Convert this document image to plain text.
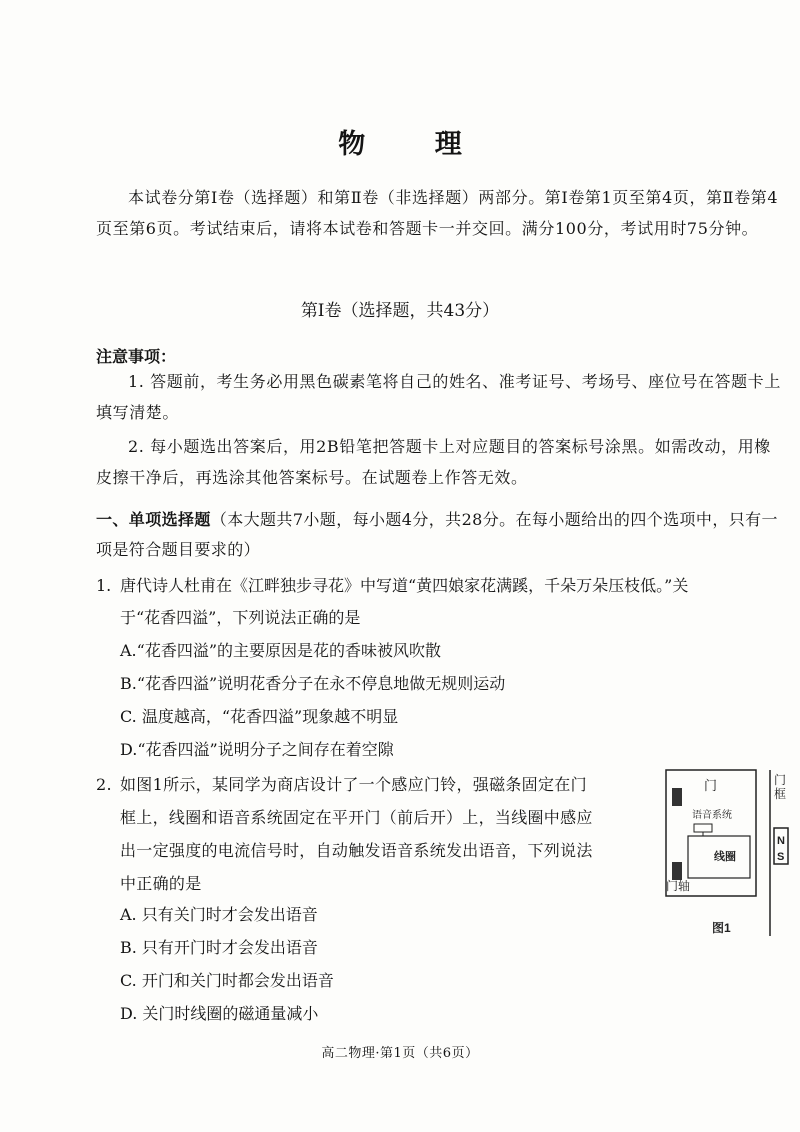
物 理
本试卷分第Ⅰ卷（选择题）和第Ⅱ卷（非选择题）两部分。第Ⅰ卷第1页至第4页，第Ⅱ卷第4页至第6页。考试结束后，请将本试卷和答题卡一并交回。满分100分，考试用时75分钟。
第Ⅰ卷（选择题，共43分）
注意事项：

1. 答题前，考生务必用黑色碳素笔将自己的姓名、准考证号、考场号、座位号在答题卡上填写清楚。

2. 每小题选出答案后，用2B铅笔把答题卡上对应题目的答案标号涂黑。如需改动，用橡皮擦干净后，再选涂其他答案标号。在试题卷上作答无效。

一、单项选择题（本大题共7小题，每小题4分，共28分。在每小题给出的四个选项中，只有一项是符合题目要求的）
1. 唐代诗人杜甫在《江畔独步寻花》中写道“黄四娘家花满蹊，千朵万朵压枝低。”关
于“花香四溢”，下列说法正确的是
A.“花香四溢”的主要原因是花的香味被风吹散
B.“花香四溢”说明花香分子在永不停息地做无规则运动
C. 温度越高，“花香四溢”现象越不明显
D.“花香四溢”说明分子之间存在着空隙
2. 如图1所示，某同学为商店设计了一个感应门铃，强磁条固定在门
框上，线圈和语音系统固定在平开门（前后开）上，当线圈中感应
出一定强度的电流信号时，自动触发语音系统发出语音，下列说法
中正确的是
A. 只有关门时才会发出语音
B. 只有开门时才会发出语音
C. 开门和关门时都会发出语音
D. 关门时线圈的磁通量减小
门
语音系统
线圈
门
框
N
S
门轴
图1
高二物理·第1页（共6页）
